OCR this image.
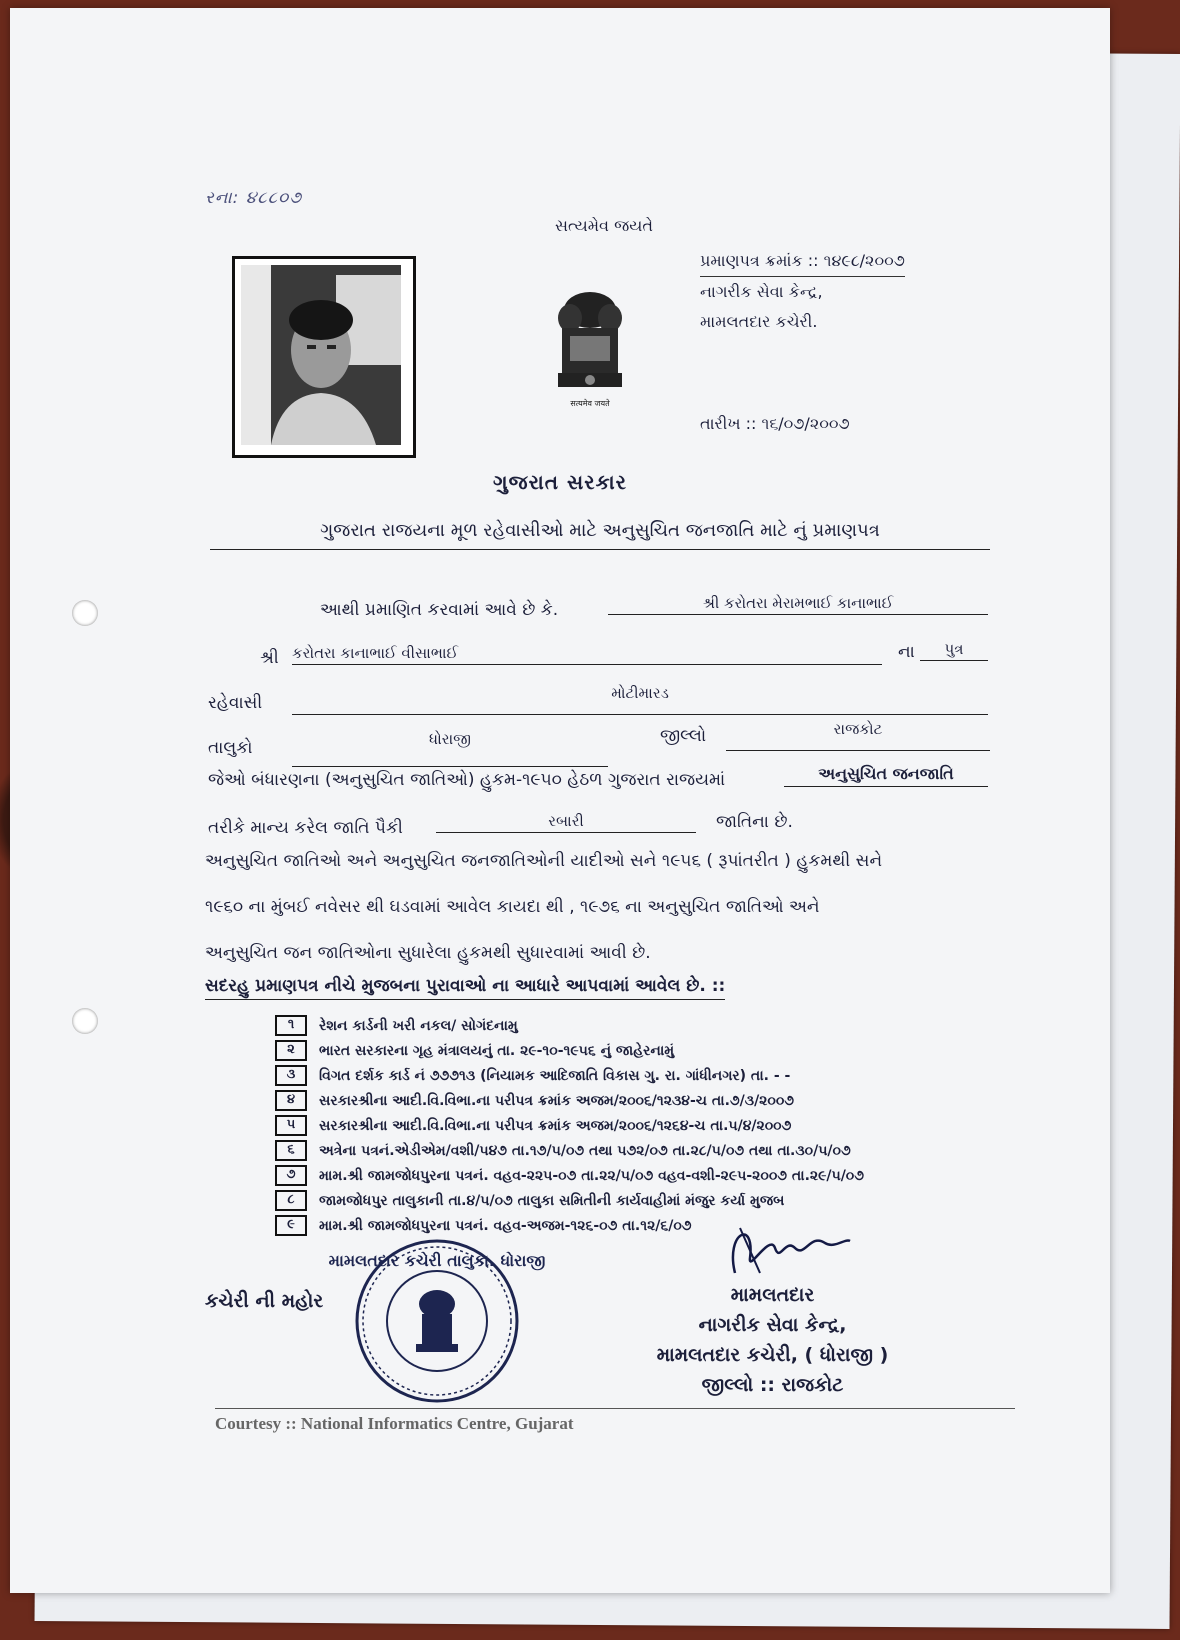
રના: ૪૮૮૦૭
સત્યમેવ જયતે
પ્રમાણપત્ર ક્રમાંક :: ૧૪૯૮/૨૦૦૭
નાગરીક સેવા કેન્દ્ર,
મામલતદાર કચેરી.
તારીખ :: ૧૬/૦૭/૨૦૦૭
सत्यमेव जयते
ગુજરાત સરકાર
ગુજરાત રાજયના મૂળ રહેવાસીઓ માટે અનુસુચિત જનજાતિ માટે નું પ્રમાણપત્ર
આથી પ્રમાણિત કરવામાં આવે છે કે.	શ્રી કરોતરા મેરામભાઈ કાનાભાઈ
શ્રી કરોતરા કાનાભાઈ વીસાભાઈ	ના	પુત્ર
રહેવાસી	મોટીમારડ
તાલુકો	ધોરાજી	જીલ્લો	રાજકોટ
જેઓ બંધારણના (અનુસુચિત જાતિઓ) હુકમ-૧૯૫૦ હેઠળ ગુજરાત રાજયમાં	અનુસુચિત જનજાતિ
તરીકે માન્ય કરેલ જાતિ પૈકી	રબારી	જાતિના છે.
અનુસુચિત જાતિઓ અને અનુસુચિત જનજાતિઓની યાદીઓ સને ૧૯૫૬ ( રૂપાંતરીત ) હુકમથી સને
૧૯૬૦ ના મુંબઈ નવેસર થી ઘડવામાં આવેલ કાયદા થી , ૧૯૭૬ ના અનુસુચિત જાતિઓ અને
અનુસુચિત જન જાતિઓના સુધારેલા હુકમથી સુધારવામાં આવી છે.
સદરહુ પ્રમાણપત્ર નીચે મુજબના પુરાવાઓ ના આધારે આપવામાં આવેલ છે. ::
૧	રેશન કાર્ડની ખરી નકલ/ સોગંદનામુ
૨	ભારત સરકારના ગૃહ મંત્રાલયનું તા. ૨૯-૧૦-૧૯૫૬ નું જાહેરનામું
૩	વિગત દર્શક કાર્ડ નં ૭૭૭૧૩ (નિયામક આદિજાતિ વિકાસ ગુ. રા. ગાંધીનગર) તા. - -
૪	સરકારશ્રીના આદી.વિ.વિભા.ના પરીપત્ર ક્રમાંક અજમ/૨૦૦૬/૧૨૩૪-ચ તા.૭/૩/૨૦૦૭
૫	સરકારશ્રીના આદી.વિ.વિભા.ના પરીપત્ર ક્રમાંક અજમ/૨૦૦૬/૧૨૬૪-ચ તા.૫/૪/૨૦૦૭
૬	અત્રેના પત્રનં.એડીએમ/વશી/૫૪૭ તા.૧૭/૫/૦૭ તથા ૫૭૨/૦૭ તા.૨૮/૫/૦૭ તથા તા.૩૦/૫/૦૭
૭	મામ.શ્રી જામજોધપુરના પત્રનં. વહવ-૨૨૫-૦૭ તા.૨૨/૫/૦૭ વહવ-વશી-૨૯૫-૨૦૦૭ તા.૨૯/૫/૦૭
૮	જામજોધપુર તાલુકાની તા.૪/૫/૦૭ તાલુકા સમિતીની કાર્યવાહીમાં મંજુર કર્યા મુજબ
૯	મામ.શ્રી જામજોધપુરના પત્રનં. વહવ-અજમ-૧૨૬-૦૭ તા.૧૨/૬/૦૭
કચેરી ની મહોર
મામલતદાર કચેરી તાલુકા. ધોરાજી
મામલતદાર
નાગરીક સેવા કેન્દ્ર,
મામલતદાર કચેરી, ( ધોરાજી )
જીલ્લો :: રાજકોટ
Courtesy :: National Informatics Centre, Gujarat
